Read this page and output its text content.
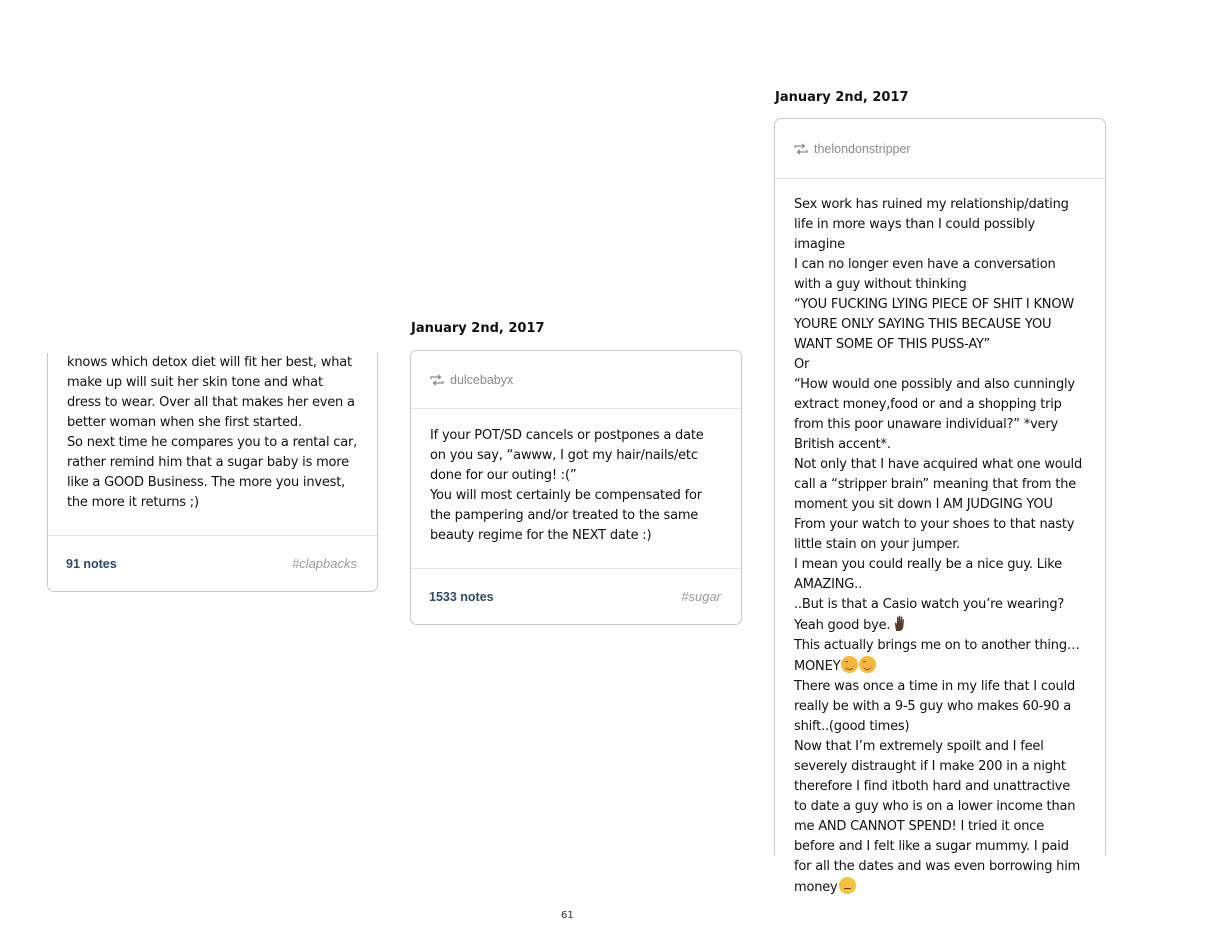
knows which detox diet will fit her best, what make up will suit her skin tone and what dress to wear. Over all that makes her even a better woman when she first started.

So next time he compares you to a rental car, rather remind him that a sugar baby is more like a GOOD Business. The more you invest, the more it returns ;)

91 notes	#clapbacks
January 2nd, 2017
dulcebabyx

If your POT/SD cancels or postpones a date on you say, “awww, I got my hair/nails/etc done for our outing! :(”

You will most certainly be compensated for the pampering and/or treated to the same beauty regime for the NEXT date :)

1533 notes	#sugar
January 2nd, 2017
thelondonstripper

Sex work has ruined my relationship/dating life in more ways than I could possibly imagine

I can no longer even have a conversation with a guy without thinking

“YOU FUCKING LYING PIECE OF SHIT I KNOW YOURE ONLY SAYING THIS BECAUSE YOU WANT SOME OF THIS PUSS-AY”

Or

“How would one possibly and also cunningly extract money,food or and a shopping trip from this poor unaware individual?” *very British accent*.

Not only that I have acquired what one would call a “stripper brain” meaning that from the moment you sit down I AM JUDGING YOU

From your watch to your shoes to that nasty little stain on your jumper.

I mean you could really be a nice guy. Like AMAZING..

..But is that a Casio watch you’re wearing?Yeah good bye.

This actually brings me on to another thing… MONEY

There was once a time in my life that I could really be with a 9-5 guy who makes 60-90 a shift..(good times)

Now that I’m extremely spoilt and I feel severely distraught if I make 200 in a night therefore I find itboth hard and unattractive to date a guy who is on a lower income than me AND CANNOT SPEND! I tried it once before and I felt like a sugar mummy. I paid for all the dates and was even borrowing him money

61
